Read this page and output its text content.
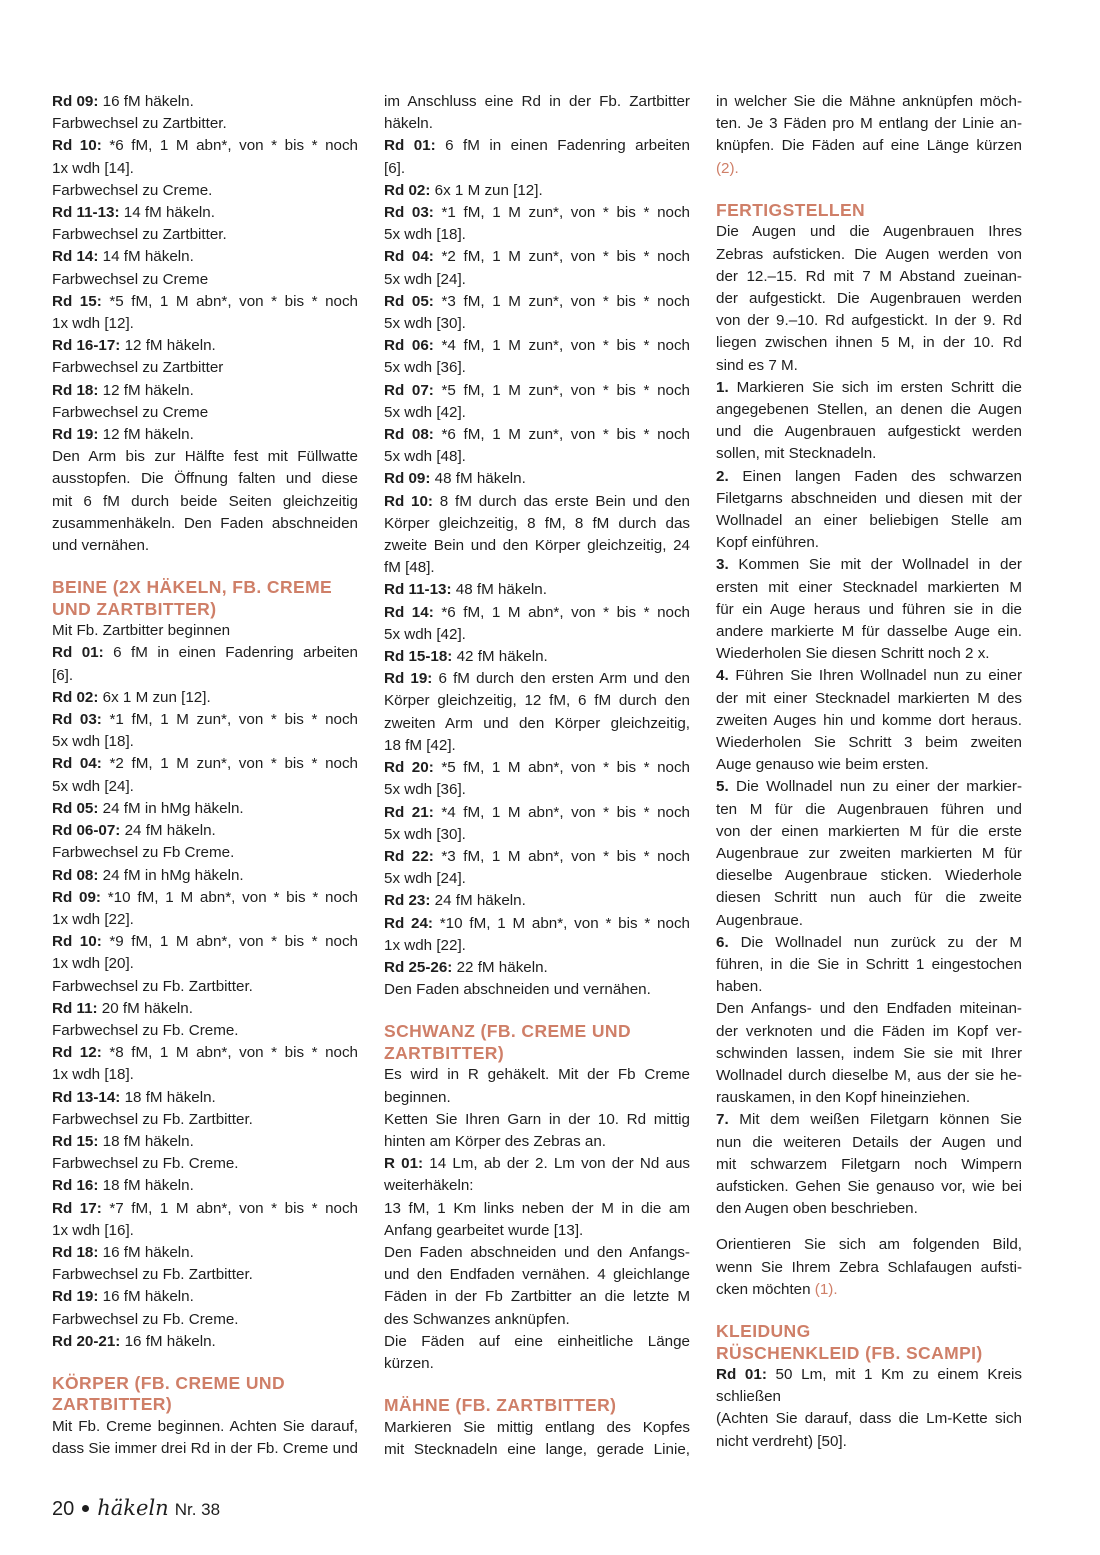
Rd 09: 16 fM häkeln.
Farbwechsel zu Zartbitter.
Rd 10: *6 fM, 1 M abn*, von * bis * noch
1x wdh [14].
Farbwechsel zu Creme.
Rd 11-13: 14 fM häkeln.
Farbwechsel zu Zartbitter.
Rd 14: 14 fM häkeln.
Farbwechsel zu Creme
Rd 15: *5 fM, 1 M abn*, von * bis * noch
1x wdh [12].
Rd 16-17: 12 fM häkeln.
Farbwechsel zu Zartbitter
Rd 18: 12 fM häkeln.
Farbwechsel zu Creme
Rd 19: 12 fM häkeln.
Den Arm bis zur Hälfte fest mit Füllwatte
ausstopfen. Die Öffnung falten und diese
mit 6 fM durch beide Seiten gleichzeitig
zusammenhäkeln. Den Faden abschneiden
und vernähen.
BEINE (2X HÄKELN, FB. CREME
UND ZARTBITTER)
Mit Fb. Zartbitter beginnen
Rd 01: 6 fM in einen Fadenring arbeiten
[6].
Rd 02: 6x 1 M zun [12].
Rd 03: *1 fM, 1 M zun*, von * bis * noch
5x wdh [18].
Rd 04: *2 fM, 1 M zun*, von * bis * noch
5x wdh [24].
Rd 05: 24 fM in hMg häkeln.
Rd 06-07: 24 fM häkeln.
Farbwechsel zu Fb Creme.
Rd 08: 24 fM in hMg häkeln.
Rd 09: *10 fM, 1 M abn*, von * bis * noch
1x wdh [22].
Rd 10: *9 fM, 1 M abn*, von * bis * noch
1x wdh [20].
Farbwechsel zu Fb. Zartbitter.
Rd 11: 20 fM häkeln.
Farbwechsel zu Fb. Creme.
Rd 12: *8 fM, 1 M abn*, von * bis * noch
1x wdh [18].
Rd 13-14: 18 fM häkeln.
Farbwechsel zu Fb. Zartbitter.
Rd 15: 18 fM häkeln.
Farbwechsel zu Fb. Creme.
Rd 16: 18 fM häkeln.
Rd 17: *7 fM, 1 M abn*, von * bis * noch
1x wdh [16].
Rd 18: 16 fM häkeln.
Farbwechsel zu Fb. Zartbitter.
Rd 19: 16 fM häkeln.
Farbwechsel zu Fb. Creme.
Rd 20-21: 16 fM häkeln.
KÖRPER (FB. CREME UND
ZARTBITTER)
Mit Fb. Creme beginnen. Achten Sie darauf,
dass Sie immer drei Rd in der Fb. Creme und
im Anschluss eine Rd in der Fb. Zartbitter
häkeln.
Rd 01: 6 fM in einen Fadenring arbeiten
[6].
Rd 02: 6x 1 M zun [12].
Rd 03: *1 fM, 1 M zun*, von * bis * noch
5x wdh [18].
Rd 04: *2 fM, 1 M zun*, von * bis * noch
5x wdh [24].
Rd 05: *3 fM, 1 M zun*, von * bis * noch
5x wdh [30].
Rd 06: *4 fM, 1 M zun*, von * bis * noch
5x wdh [36].
Rd 07: *5 fM, 1 M zun*, von * bis * noch
5x wdh [42].
Rd 08: *6 fM, 1 M zun*, von * bis * noch
5x wdh [48].
Rd 09: 48 fM häkeln.
Rd 10: 8 fM durch das erste Bein und den
Körper gleichzeitig, 8 fM, 8 fM durch das
zweite Bein und den Körper gleichzeitig, 24
fM [48].
Rd 11-13: 48 fM häkeln.
Rd 14: *6 fM, 1 M abn*, von * bis * noch
5x wdh [42].
Rd 15-18: 42 fM häkeln.
Rd 19: 6 fM durch den ersten Arm und den
Körper gleichzeitig, 12 fM, 6 fM durch den
zweiten Arm und den Körper gleichzeitig,
18 fM [42].
Rd 20: *5 fM, 1 M abn*, von * bis * noch
5x wdh [36].
Rd 21: *4 fM, 1 M abn*, von * bis * noch
5x wdh [30].
Rd 22: *3 fM, 1 M abn*, von * bis * noch
5x wdh [24].
Rd 23: 24 fM häkeln.
Rd 24: *10 fM, 1 M abn*, von * bis * noch
1x wdh [22].
Rd 25-26: 22 fM häkeln.
Den Faden abschneiden und vernähen.
SCHWANZ (FB. CREME UND
ZARTBITTER)
Es wird in R gehäkelt. Mit der Fb Creme
beginnen.
Ketten Sie Ihren Garn in der 10. Rd mittig
hinten am Körper des Zebras an.
R 01: 14 Lm, ab der 2. Lm von der Nd aus
weiterhäkeln:
13 fM, 1 Km links neben der M in die am
Anfang gearbeitet wurde [13].
Den Faden abschneiden und den Anfangs-
und den Endfaden vernähen. 4 gleichlange
Fäden in der Fb Zartbitter an die letzte M
des Schwanzes anknüpfen.
Die Fäden auf eine einheitliche Länge
kürzen.
MÄHNE (FB. ZARTBITTER)
Markieren Sie mittig entlang des Kopfes
mit Stecknadeln eine lange, gerade Linie,
in welcher Sie die Mähne anknüpfen möch-
ten. Je 3 Fäden pro M entlang der Linie an-
knüpfen. Die Fäden auf eine Länge kürzen
(2).
FERTIGSTELLEN
Die Augen und die Augenbrauen Ihres
Zebras aufsticken. Die Augen werden von
der 12.–15. Rd mit 7 M Abstand zueinan-
der aufgestickt. Die Augenbrauen werden
von der 9.–10. Rd aufgestickt. In der 9. Rd
liegen zwischen ihnen 5 M, in der 10. Rd
sind es 7 M.
1. Markieren Sie sich im ersten Schritt die
angegebenen Stellen, an denen die Augen
und die Augenbrauen aufgestickt werden
sollen, mit Stecknadeln.
2. Einen langen Faden des schwarzen
Filetgarns abschneiden und diesen mit der
Wollnadel an einer beliebigen Stelle am
Kopf einführen.
3. Kommen Sie mit der Wollnadel in der
ersten mit einer Stecknadel markierten M
für ein Auge heraus und führen sie in die
andere markierte M für dasselbe Auge ein.
Wiederholen Sie diesen Schritt noch 2 x.
4. Führen Sie Ihren Wollnadel nun zu einer
der mit einer Stecknadel markierten M des
zweiten Auges hin und komme dort heraus.
Wiederholen Sie Schritt 3 beim zweiten
Auge genauso wie beim ersten.
5. Die Wollnadel nun zu einer der markier-
ten M für die Augenbrauen führen und
von der einen markierten M für die erste
Augenbraue zur zweiten markierten M für
dieselbe Augenbraue sticken. Wiederhole
diesen Schritt nun auch für die zweite
Augenbraue.
6. Die Wollnadel nun zurück zu der M
führen, in die Sie in Schritt 1 eingestochen
haben.
Den Anfangs- und den Endfaden miteinan-
der verknoten und die Fäden im Kopf ver-
schwinden lassen, indem Sie sie mit Ihrer
Wollnadel durch dieselbe M, aus der sie he-
rauskamen, in den Kopf hineinziehen.
7. Mit dem weißen Filetgarn können Sie
nun die weiteren Details der Augen und
mit schwarzem Filetgarn noch Wimpern
aufsticken. Gehen Sie genauso vor, wie bei
den Augen oben beschrieben.
Orientieren Sie sich am folgenden Bild,
wenn Sie Ihrem Zebra Schlafaugen aufsti-
cken möchten (1).
KLEIDUNG
RÜSCHENKLEID (FB. SCAMPI)
Rd 01: 50 Lm, mit 1 Km zu einem Kreis
schließen
(Achten Sie darauf, dass die Lm-Kette sich
nicht verdreht) [50].
20 häkeln Nr. 38
